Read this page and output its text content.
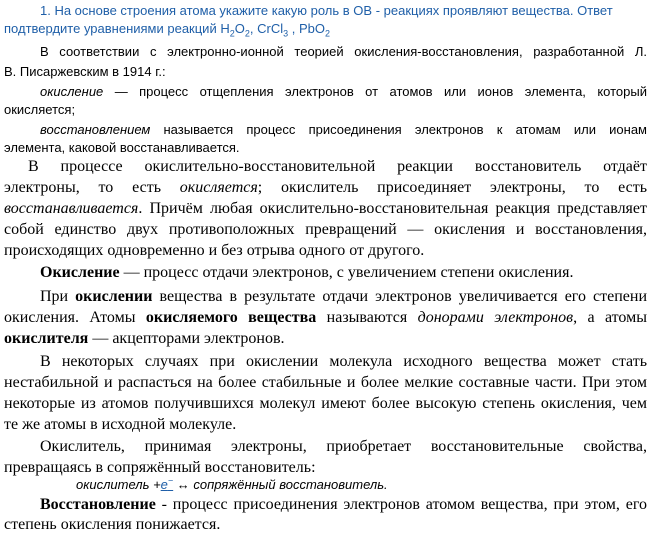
1. На основе строения атома укажите какую роль в ОВ - реакциях проявляют вещества. Ответ
подтвердите уравнениями реакций $H_2O_2$, CrCl$_3$ , PbO$_2$
В соответствии с электронно-ионной теорией окисления-восстановления, разработанной Л.
В. Писаржевским в 1914 г.:
окисление — процесс отщепления электронов от атомов или ионов элемента, который
окисляется;
восстановлением называется процесс присоединения электронов к атомам или ионам
элемента, каковой восстанавливается.
В процессе окислительно-восстановительной реакции восстановитель отдаёт
электроны, то есть окисляется; окислитель присоединяет электроны, то есть
восстанавливается. Причём любая окислительно-восстановительная реакция представляет
собой единство двух противоположных превращений — окисления и восстановления,
происходящих одновременно и без отрыва одного от другого.
Окисление — процесс отдачи электронов, с увеличением степени окисления.
При окислении вещества в результате отдачи электронов увеличивается его степени
окисления. Атомы окисляемого вещества называются донорами электронов, а атомы
окислителя — акцепторами электронов.
В некоторых случаях при окислении молекула исходного вещества может стать
нестабильной и распасться на более стабильные и более мелкие составные части. При этом
некоторые из атомов получившихся молекул имеют более высокую степень окисления, чем
те же атомы в исходной молекуле.
Окислитель, принимая электроны, приобретает восстановительные свойства,
превращаясь в сопряжённый восстановитель:
окислитель +e− ↔ сопряжённый восстановитель.
Восстановление - процесс присоединения электронов атомом вещества, при этом, его
степень окисления понижается.
